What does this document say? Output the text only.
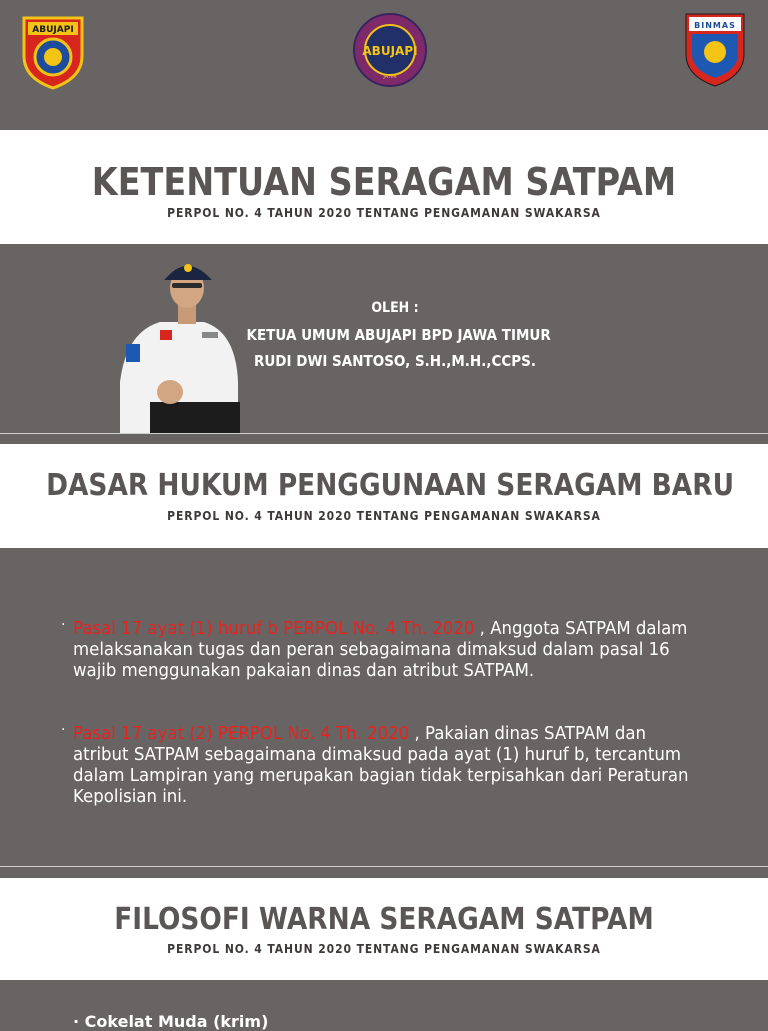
ABUJAPI
ABUJAPI
JATIM
BINMAS
KETENTUAN SERAGAM SATPAM
PERPOL NO. 4 TAHUN 2020 TENTANG PENGAMANAN SWAKARSA
OLEH :
KETUA UMUM ABUJAPI BPD JAWA TIMUR
RUDI DWI SANTOSO, S.H.,M.H.,CCPS.
DASAR HUKUM PENGGUNAAN SERAGAM BARU
PERPOL NO. 4 TAHUN 2020 TENTANG PENGAMANAN SWAKARSA
· Pasal 17 ayat (1) huruf b PERPOL No. 4 Th. 2020 , Anggota SATPAM dalam
melaksanakan tugas dan peran sebagaimana dimaksud dalam pasal 16
wajib menggunakan pakaian dinas dan atribut SATPAM.
· Pasal 17 ayat (2) PERPOL No. 4 Th. 2020 , Pakaian dinas SATPAM dan
atribut SATPAM sebagaimana dimaksud pada ayat (1) huruf b, tercantum
dalam Lampiran yang merupakan bagian tidak terpisahkan dari Peraturan
Kepolisian ini.
FILOSOFI WARNA SERAGAM SATPAM
PERPOL NO. 4 TAHUN 2020 TENTANG PENGAMANAN SWAKARSA
· Cokelat Muda (krim)
